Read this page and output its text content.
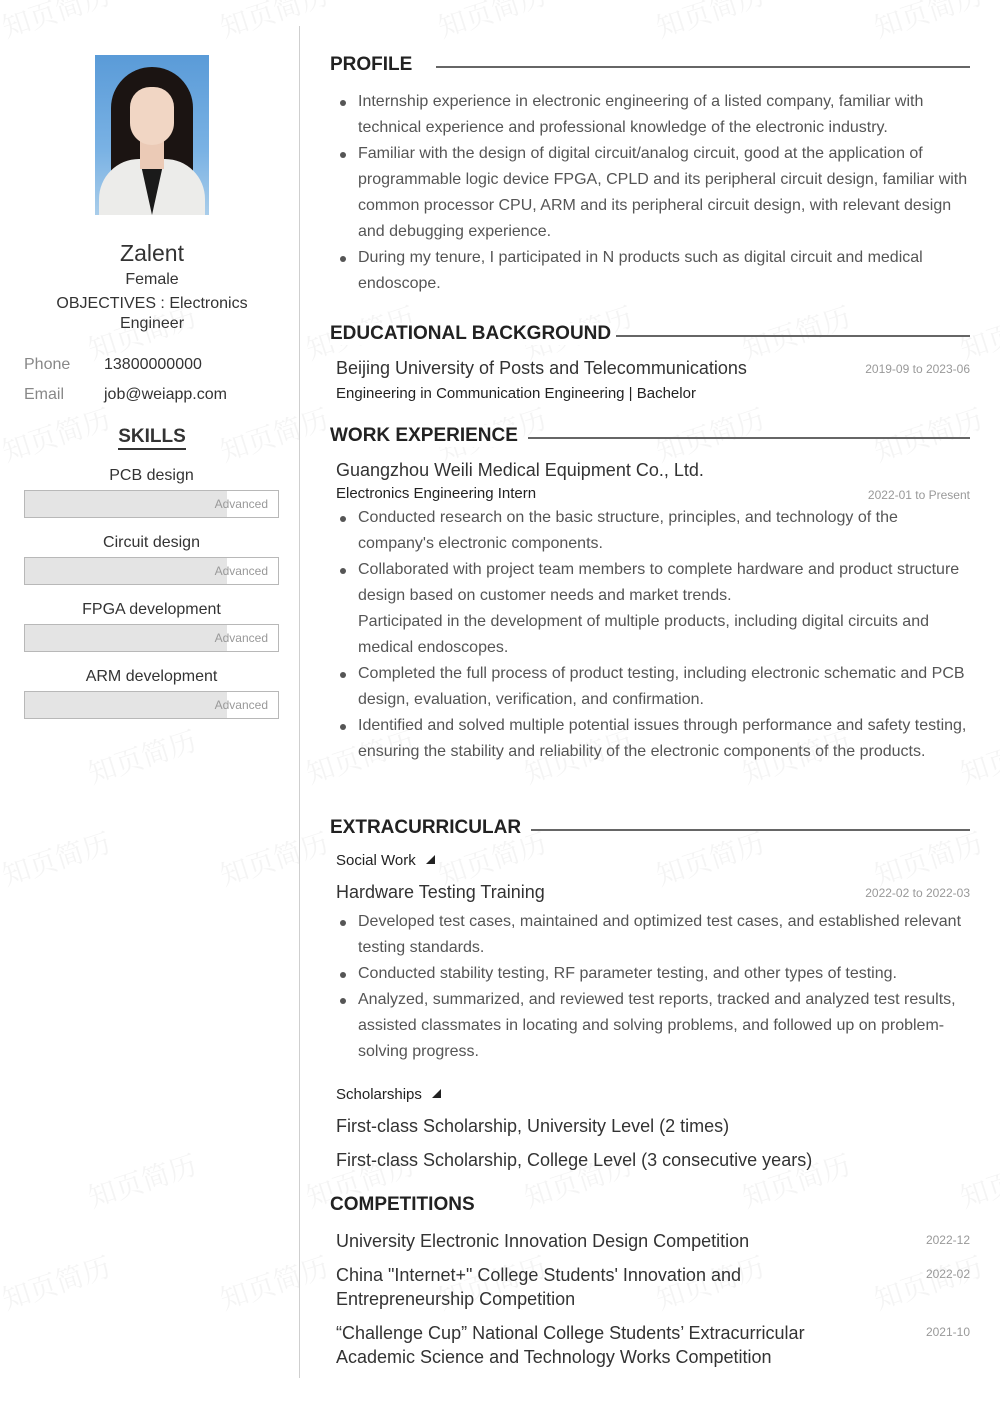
Zalent
Female
OBJECTIVES : Electronics Engineer
Phone 13800000000
Email job@weiapp.com
SKILLS
PCB design
Advanced
Circuit design
Advanced
FPGA development
Advanced
ARM development
Advanced
PROFILE
Internship experience in electronic engineering of a listed company, familiar with technical experience and professional knowledge of the electronic industry.
Familiar with the design of digital circuit/analog circuit, good at the application of programmable logic device FPGA, CPLD and its peripheral circuit design, familiar with common processor CPU, ARM and its peripheral circuit design, with relevant design and debugging experience.
During my tenure, I participated in N products such as digital circuit and medical endoscope.
EDUCATIONAL BACKGROUND
Beijing University of Posts and Telecommunications	2019-09 to 2023-06
Engineering in Communication Engineering | Bachelor
WORK EXPERIENCE
Guangzhou Weili Medical Equipment Co., Ltd.
Electronics Engineering Intern	2022-01 to Present
Conducted research on the basic structure, principles, and technology of the company's electronic components.
Collaborated with project team members to complete hardware and product structure design based on customer needs and market trends.
Participated in the development of multiple products, including digital circuits and medical endoscopes.
Completed the full process of product testing, including electronic schematic and PCB design, evaluation, verification, and confirmation.
Identified and solved multiple potential issues through performance and safety testing, ensuring the stability and reliability of the electronic components of the products.
EXTRACURRICULAR
Social Work
Hardware Testing Training	2022-02 to 2022-03
Developed test cases, maintained and optimized test cases, and established relevant testing standards.
Conducted stability testing, RF parameter testing, and other types of testing.
Analyzed, summarized, and reviewed test reports, tracked and analyzed test results, assisted classmates in locating and solving problems, and followed up on problem-solving progress.
Scholarships
First-class Scholarship, University Level (2 times)
First-class Scholarship, College Level (3 consecutive years)
COMPETITIONS
University Electronic Innovation Design Competition	2022-12
China "Internet+" College Students' Innovation and Entrepreneurship Competition
2022-02
“Challenge Cup” National College Students’ Extracurricular Academic Science and Technology Works Competition
2021-10
